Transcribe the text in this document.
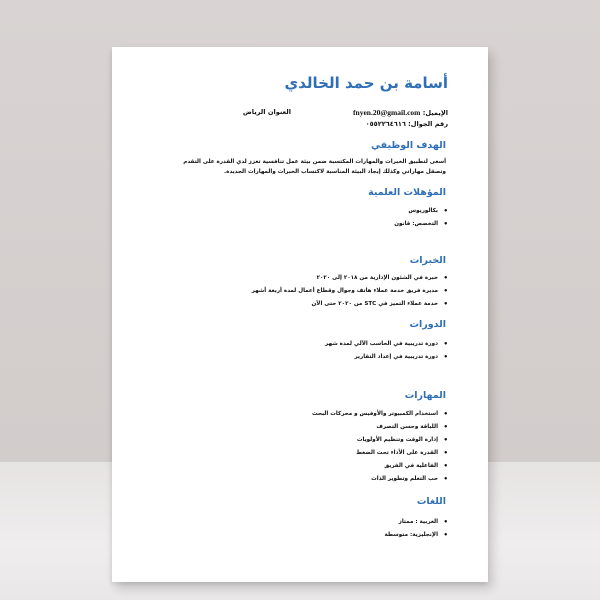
أسامة بن حمد الخالدي
الإيميل: fnyen.20@gmail.com
العنوان الرياض
رقم الجوال: ٠٥٥٢٢٦٤٦١٦
الهدف الوظيفي
أسعى لتطبيق الخبرات والمهارات المكتسبة ضمن بيئة عمل تنافسية تعزز لدي القدرة على التقدم وتصقل مهاراتي وكذلك إيجاد البيئة المناسبة لاكتساب الخبرات والمهارات الجديدة.
المؤهلات العلمية
• بكالوريوس
• التخصص: قانون
الخبرات
• خبرة في الشئون الإدارية من ٢٠١٨ إلى ٢٠٢٠
• مديرة فريق خدمة عملاء هاتف وجوال وقطاع أعمال لمدة أربعة أشهر
• خدمة عملاء التميز في STC من ٢٠٢٠ حتى الآن
الدورات
• دورة تدريبية في الحاسب الآلي لمدة شهر
• دورة تدريبية في إعداد التقارير
المهارات
• استخدام الكمبيوتر والأوفيس و محركات البحث
• اللباقة وحسن التصرف
• إدارة الوقت وتنظيم الأولويات
• القدرة على الأداء تحت الضغط
• الفاعلية في الفريق
• حب التعلم وتطوير الذات
اللغات
• العربية : ممتاز
• الإنجليزية: متوسطة
